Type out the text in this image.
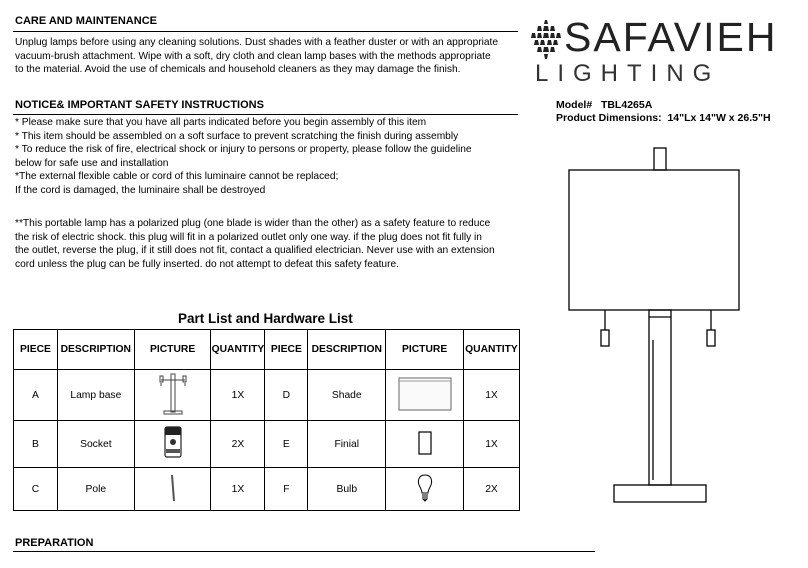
CARE AND MAINTENANCE

Unplug lamps before using any cleaning solutions. Dust shades with a feather duster or with an appropriate

vacuum-brush attachment. Wipe with a soft, dry cloth and clean lamp bases with the methods appropriate

to the material. Avoid the use of chemicals and household cleaners as they may damage the finish.

NOTICE& IMPORTANT SAFETY INSTRUCTIONS

* Please make sure that you have all parts indicated before you begin assembly of this item

* This item should be assembled on a soft surface to prevent scratching the finish during assembly

* To reduce the risk of fire, electrical shock or injury to persons or property, please follow the guideline

below for safe use and installation

*The external flexible cable or cord of this luminaire cannot be replaced;

If the cord is damaged, the luminaire shall be destroyed

**This portable lamp has a polarized plug (one blade is wider than the other) as a safety feature to reduce

the risk of electric shock. this plug will fit in a polarized outlet only one way. if the plug does not fit fully in

the outlet, reverse the plug, if it still does not fit, contact a qualified electrician. Never use with an extension

cord unless the plug can be fully inserted. do not attempt to defeat this safety feature.

SAFAVIEH
LIGHTING
Model# TBL4265A
Product Dimensions: 14"Lx 14"W x 26.5"H
Part List and Hardware List
PIECE	DESCRIPTION	PICTURE	QUANTITY	PIECE	DESCRIPTION	PICTURE	QUANTITY
A	Lamp base		1X	D	Shade		1X
B	Socket		2X	E	Finial		1X
C	Pole		1X	F	Bulb		2X
PREPARATION
